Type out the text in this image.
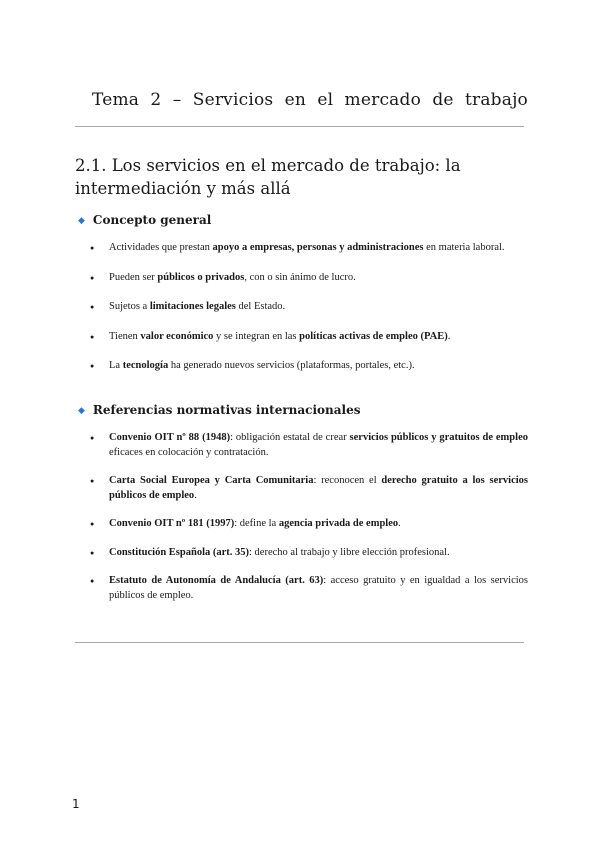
Tema 2 – Servicios en el mercado de trabajo
2.1. Los servicios en el mercado de trabajo: la intermediación y más allá
◆ Concepto general
● Actividades que prestan apoyo a empresas, personas y administraciones en materia laboral.
● Pueden ser públicos o privados, con o sin ánimo de lucro.
● Sujetos a limitaciones legales del Estado.
● Tienen valor económico y se integran en las políticas activas de empleo (PAE).
● La tecnología ha generado nuevos servicios (plataformas, portales, etc.).
◆ Referencias normativas internacionales
● Convenio OIT nº 88 (1948): obligación estatal de crear servicios públicos y gratuitos de empleo eficaces en colocación y contratación.
● Carta Social Europea y Carta Comunitaria: reconocen el derecho gratuito a los servicios públicos de empleo.
● Convenio OIT nº 181 (1997): define la agencia privada de empleo.
● Constitución Española (art. 35): derecho al trabajo y libre elección profesional.
● Estatuto de Autonomía de Andalucía (art. 63): acceso gratuito y en igualdad a los servicios públicos de empleo.
1
